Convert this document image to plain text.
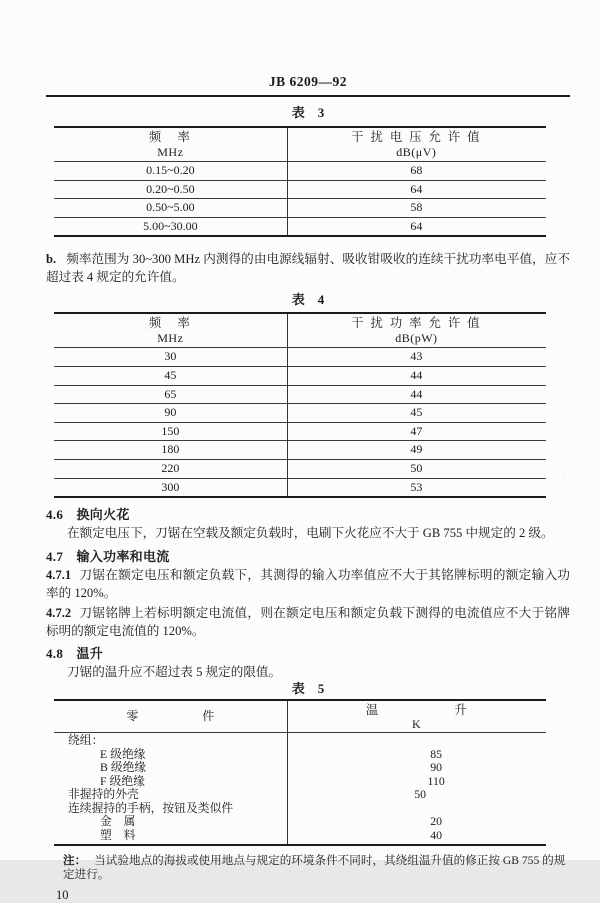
JB 6209—92
表　3
频　率
MHz
干 扰 电 压 允 许 值
dB(μV)
0.15~0.20	68
0.20~0.50	64
0.50~5.00	58
5.00~30.00	64
b. 频率范围为 30~300 MHz 内测得的由电源线辐射、吸收钳吸收的连续干扰功率电平值，应不超过表 4 规定的允许值。
表　4
频　率
MHz
干 扰 功 率 允 许 值
dB(pW)
30	43
45	44
65	44
90	45
150	47
180	49
220	50
300	53
4.6　换向火花
在额定电压下，刀锯在空载及额定负载时，电刷下火花应不大于 GB 755 中规定的 2 级。
4.7　输入功率和电流
4.7.1 刀锯在额定电压和额定负载下，其测得的输入功率值应不大于其铭牌标明的额定输入功率的 120%。
4.7.2 刀锯铭牌上若标明额定电流值，则在额定电压和额定负载下测得的电流值应不大于铭牌标明的额定电流值的 120%。
4.8　温升
刀锯的温升应不超过表 5 规定的限值。
表　5
零　件	温　升
K
绕组：
E 级绝缘	85
B 级绝缘	90
F 级绝缘	110
非握持的外壳	50
连续握持的手柄，按钮及类似件
金　属	20
塑　料	40
注： 当试验地点的海拔或使用地点与规定的环境条件不同时，其绕组温升值的修正按 GB 755 的规定进行。
10
